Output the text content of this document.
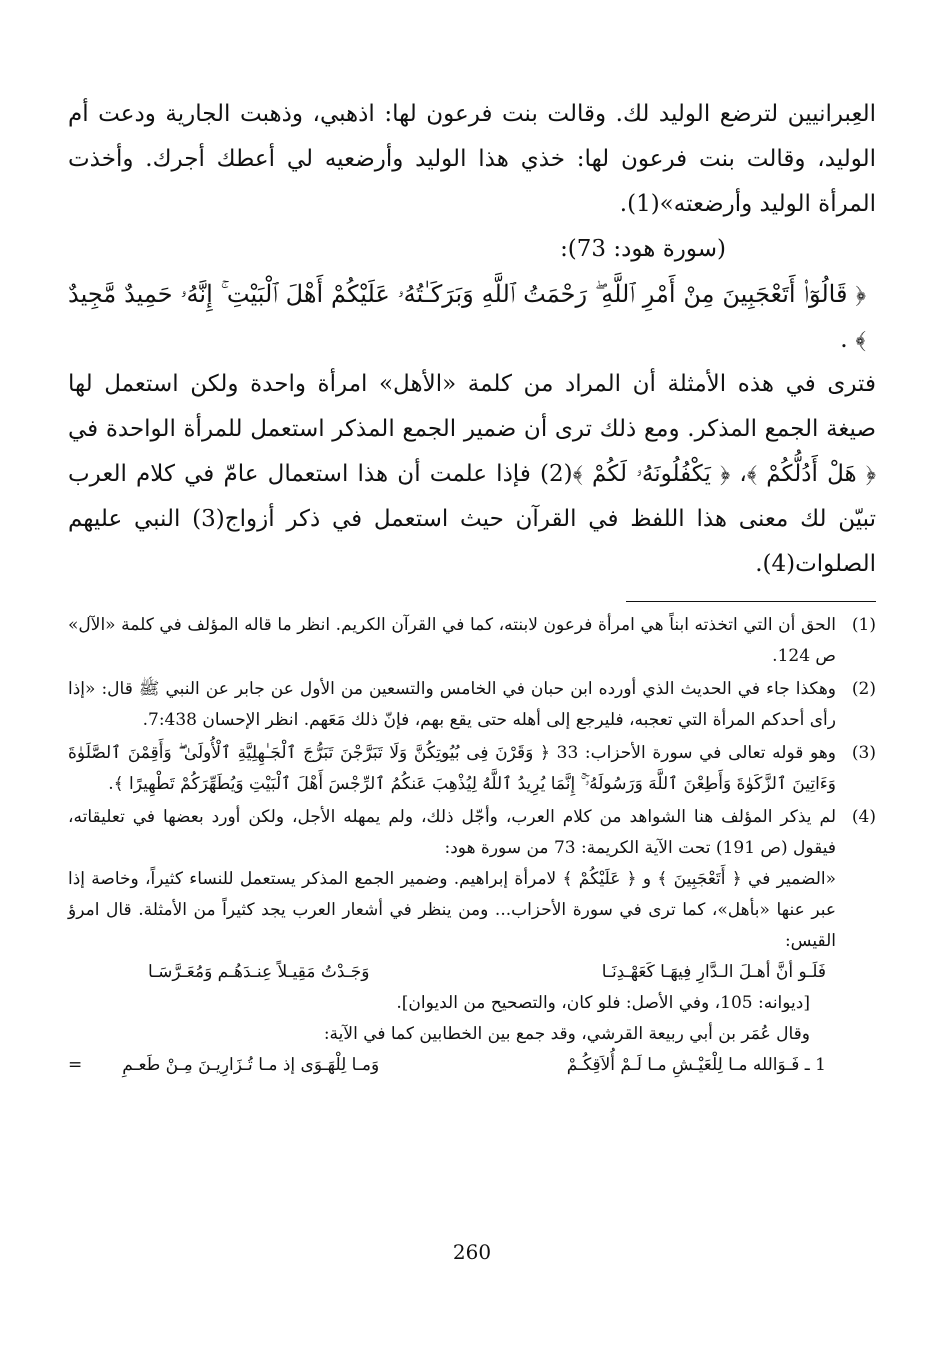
العِبرانيين لترضع الوليد لك. وقالت بنت فرعون لها: اذهبي، وذهبت الجارية ودعت أم الوليد، وقالت بنت فرعون لها: خذي هذا الوليد وأرضعيه لي أعطك أجرك. وأخذت المرأة الوليد وأرضعته»(1).

(سورة هود: 73):

﴿ قَالُوٓا۟ أَتَعْجَبِينَ مِنْ أَمْرِ ٱللَّهِ ۖ رَحْمَتُ ٱللَّهِ وَبَرَكَـٰتُهُۥ عَلَيْكُمْ أَهْلَ ٱلْبَيْتِ ۚ إِنَّهُۥ حَمِيدٌ مَّجِيدٌ ﴾ .

فترى في هذه الأمثلة أن المراد من كلمة «الأهل» امرأة واحدة ولكن استعمل لها صيغة الجمع المذكر. ومع ذلك ترى أن ضمير الجمع المذكر استعمل للمرأة الواحدة في ﴿ هَلْ أَدُلُّكُمْ ﴾، ﴿ يَكْفُلُونَهُۥ لَكُمْ ﴾(2) فإذا علمت أن هذا استعمال عامّ في كلام العرب تبيّن لك معنى هذا اللفظ في القرآن حيث استعمل في ذكر أزواج(3) النبي عليهم الصلوات(4).

(1)
الحق أن التي اتخذته ابناً هي امرأة فرعون لابنته، كما في القرآن الكريم. انظر ما قاله المؤلف في كلمة «الآل» ص 124.
(2)
وهكذا جاء في الحديث الذي أورده ابن حبان في الخامس والتسعين من الأول عن جابر عن النبي ﷺ قال: «إذا رأى أحدكم المرأة التي تعجبه، فليرجع إلى أهله حتى يقع بهم، فإنّ ذلك مَعَهم. انظر الإحسان 7:438.
(3)
وهو قوله تعالى في سورة الأحزاب: 33 ﴿ وَقَرْنَ فِى بُيُوتِكُنَّ وَلَا تَبَرَّجْنَ تَبَرُّجَ ٱلْجَـٰهِلِيَّةِ ٱلْأُولَىٰ ۖ وَأَقِمْنَ ٱلصَّلَوٰةَ وَءَاتِينَ ٱلزَّكَوٰةَ وَأَطِعْنَ ٱللَّهَ وَرَسُولَهُۥٓ ۚ إِنَّمَا يُرِيدُ ٱللَّهُ لِيُذْهِبَ عَنكُمُ ٱلرِّجْسَ أَهْلَ ٱلْبَيْتِ وَيُطَهِّرَكُمْ تَطْهِيرًا ﴾.
(4)
لم يذكر المؤلف هنا الشواهد من كلام العرب، وأجّل ذلك، ولم يمهله الأجل، ولكن أورد بعضها في تعليقاته، فيقول (ص 191) تحت الآية الكريمة: 73 من سورة هود:
«الضمير في ﴿ أَتَعْجَبِينَ ﴾ و ﴿ عَلَيْكُمْ ﴾ لامرأة إبراهيم. وضمير الجمع المذكر يستعمل للنساء كثيراً، وخاصة إذا عبر عنها «بأهل»، كما ترى في سورة الأحزاب... ومن ينظر في أشعار العرب يجد كثيراً من الأمثلة. قال امرؤ القيس:
فَلَـو أنَّ أهـلَ الـدَّارِ فِيهَـا كَعَهْـدِنَـا
وَجَـدْتُ مَقِيـلاً عِنـدَهُـم وَمُعَـرَّسَـا
[ديوانه: 105، وفي الأصل: فلو كان، والتصحيح من الديوان].
وقال عُمَر بن أبي ربيعة القرشي، وقد جمع بين الخطابين كما في الآية:
1 ـ فَـوَالله مـا لِلْعَيْـشِ مـا لَـمْ أُلاَقِكُـمْ
وَمـا لِلْهَـوَى إذ مـا تُـزَارِيـنَ مِـنْ طَعـمِ
=
260
